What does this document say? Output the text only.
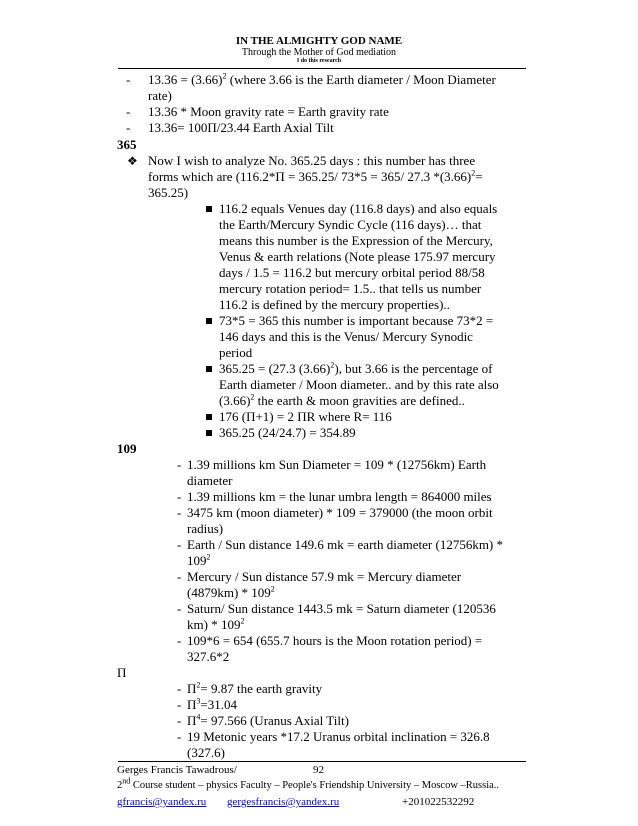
IN THE ALMIGHTY GOD NAME
Through the Mother of God mediation
I do this research
- $13.36 = (3.66)^2$ (where 3.66 is the Earth diameter / Moon Diameter
rate)
- 13.36 * Moon gravity rate = Earth gravity rate
- 13.36= 100Π/23.44 Earth Axial Tilt
365
❖ Now I wish to analyze No. 365.25 days : this number has three
forms which are (116.2*Π = 365.25/ 73*5 = 365/ 27.3 $*(3.66)^2=$
365.25)
116.2 equals Venues day (116.8 days) and also equals
the Earth/Mercury Syndic Cycle (116 days)… that
means this number is the Expression of the Mercury,
Venus & earth relations (Note please 175.97 mercury
days / 1.5 = 116.2 but mercury orbital period 88/58
mercury rotation period= 1.5.. that tells us number
116.2 is defined by the mercury properties)..
73*5 = 365 this number is important because 73*2 =
146 days and this is the Venus/ Mercury Synodic
period
365.25 = (27.3 $(3.66)^2$), but 3.66 is the percentage of
Earth diameter / Moon diameter.. and by this rate also
$(3.66)^2$ the earth & moon gravities are defined..
176 (Π+1) = 2 ΠR where R= 116
365.25 (24/24.7) = 354.89
109
- 1.39 millions km Sun Diameter = 109 * (12756km) Earth
diameter
- 1.39 millions km = the lunar umbra length = 864000 miles
- 3475 km (moon diameter) * 109 = 379000 (the moon orbit
radius)
- Earth / Sun distance 149.6 mk = earth diameter (12756km) *
$109^2$
- Mercury / Sun distance 57.9 mk = Mercury diameter
$(4879km) * 109^2$
- Saturn/ Sun distance 1443.5 mk = Saturn diameter (120536
$km) * 109^2$
- 109*6 = 654 (655.7 hours is the Moon rotation period) =
327.6*2
Π
- $\Pi^2= 9.87$ the earth gravity
- $\Pi^3=31.04$
- $\Pi^4= 97.566$ (Uranus Axial Tilt)
- 19 Metonic years *17.2 Uranus orbital inclination = 326.8
(327.6)
Gerges Francis Tawadrous/	92
2nd Course student – physics Faculty – People's Friendship University – Moscow –Russia..
gfrancis@yandex.ru gergesfrancis@yandex.ru	+201022532292
